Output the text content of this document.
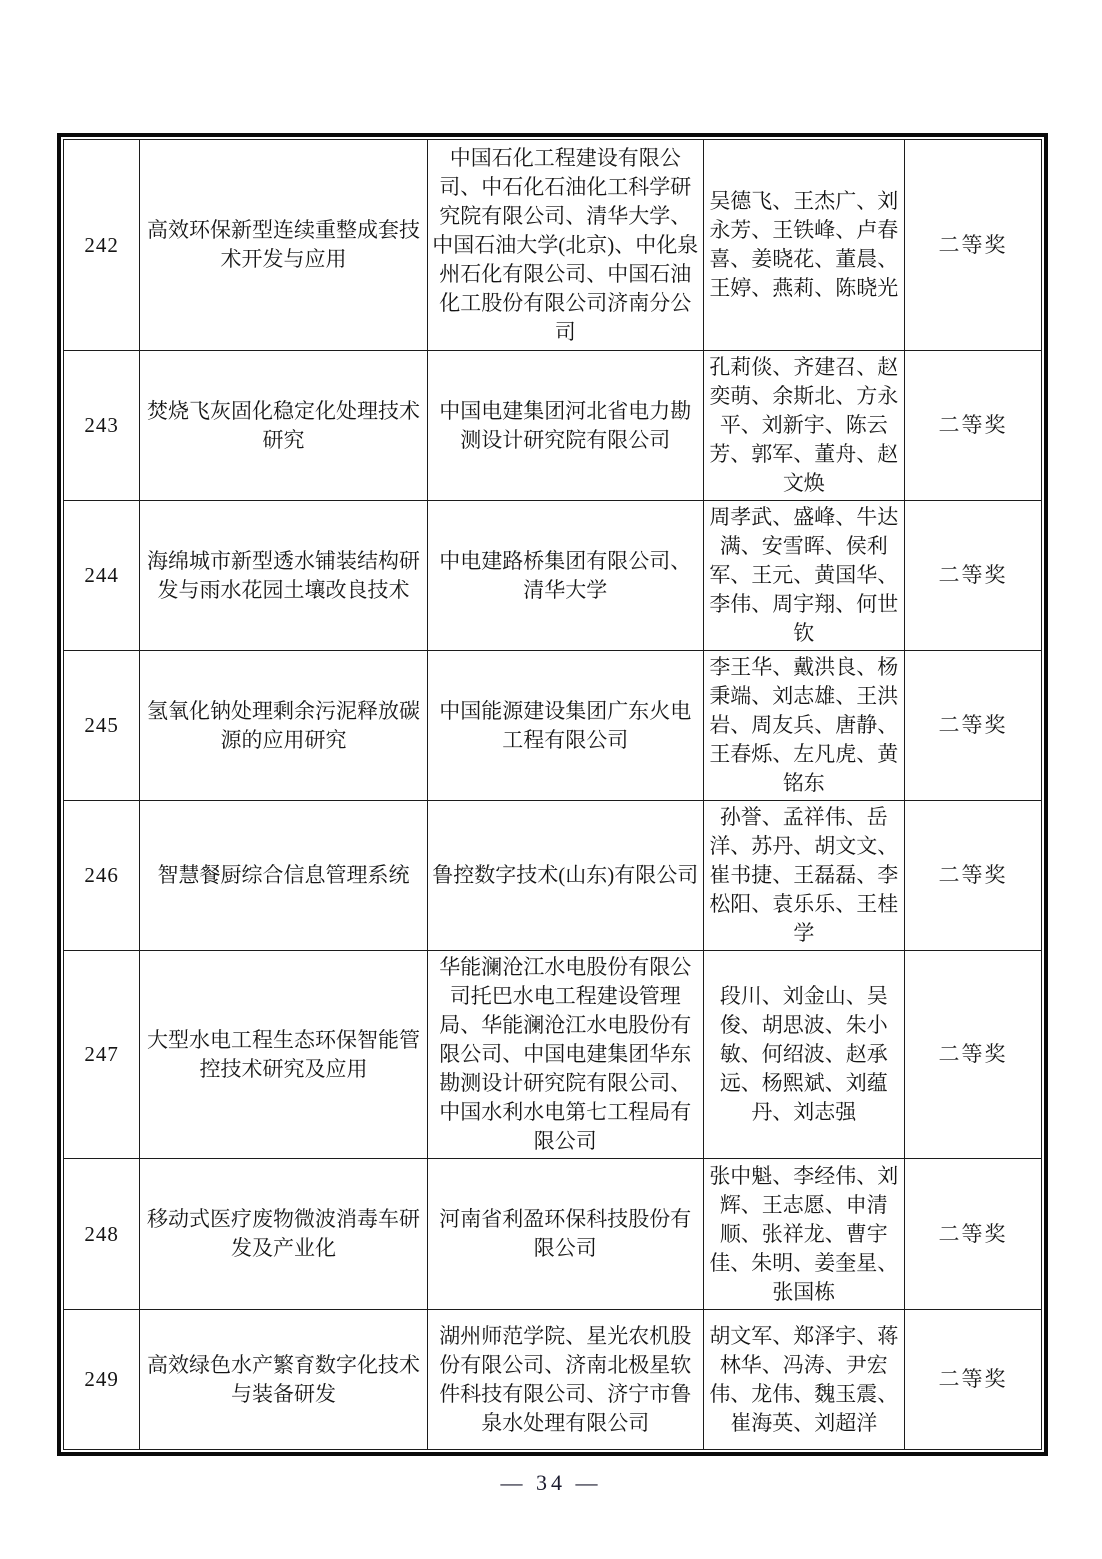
242	高效环保新型连续重整成套技术开发与应用	中国石化工程建设有限公司、中石化石油化工科学研究院有限公司、清华大学、中国石油大学(北京)、中化泉州石化有限公司、中国石油化工股份有限公司济南分公司	吴德飞、王杰广、刘永芳、王铁峰、卢春喜、姜晓花、董晨、王婷、燕莉、陈晓光	二等奖
243	焚烧飞灰固化稳定化处理技术研究	中国电建集团河北省电力勘测设计研究院有限公司	孔莉倓、齐建召、赵奕萌、余斯北、方永平、刘新宇、陈云芳、郭军、董舟、赵文焕	二等奖
244	海绵城市新型透水铺装结构研发与雨水花园土壤改良技术	中电建路桥集团有限公司、清华大学	周孝武、盛峰、牛达满、安雪晖、侯利军、王元、黄国华、李伟、周宇翔、何世钦	二等奖
245	氢氧化钠处理剩余污泥释放碳源的应用研究	中国能源建设集团广东火电工程有限公司	李王华、戴洪良、杨秉端、刘志雄、王洪岩、周友兵、唐静、王春烁、左凡虎、黄铭东	二等奖
246	智慧餐厨综合信息管理系统	鲁控数字技术(山东)有限公司	孙誉、孟祥伟、岳洋、苏丹、胡文文、崔书捷、王磊磊、李松阳、袁乐乐、王桂学	二等奖
247	大型水电工程生态环保智能管控技术研究及应用	华能澜沧江水电股份有限公司托巴水电工程建设管理局、华能澜沧江水电股份有限公司、中国电建集团华东勘测设计研究院有限公司、中国水利水电第七工程局有限公司	段川、刘金山、吴俊、胡思波、朱小敏、何绍波、赵承远、杨熙斌、刘蕴丹、刘志强	二等奖
248	移动式医疗废物微波消毒车研发及产业化	河南省利盈环保科技股份有限公司	张中魁、李经伟、刘辉、王志愿、申清顺、张祥龙、曹宇佳、朱明、姜奎星、张国栋	二等奖
249	高效绿色水产繁育数字化技术与装备研发	湖州师范学院、星光农机股份有限公司、济南北极星软件科技有限公司、济宁市鲁泉水处理有限公司	胡文军、郑泽宇、蒋林华、冯涛、尹宏伟、龙伟、魏玉震、崔海英、刘超洋	二等奖
— 34 —
